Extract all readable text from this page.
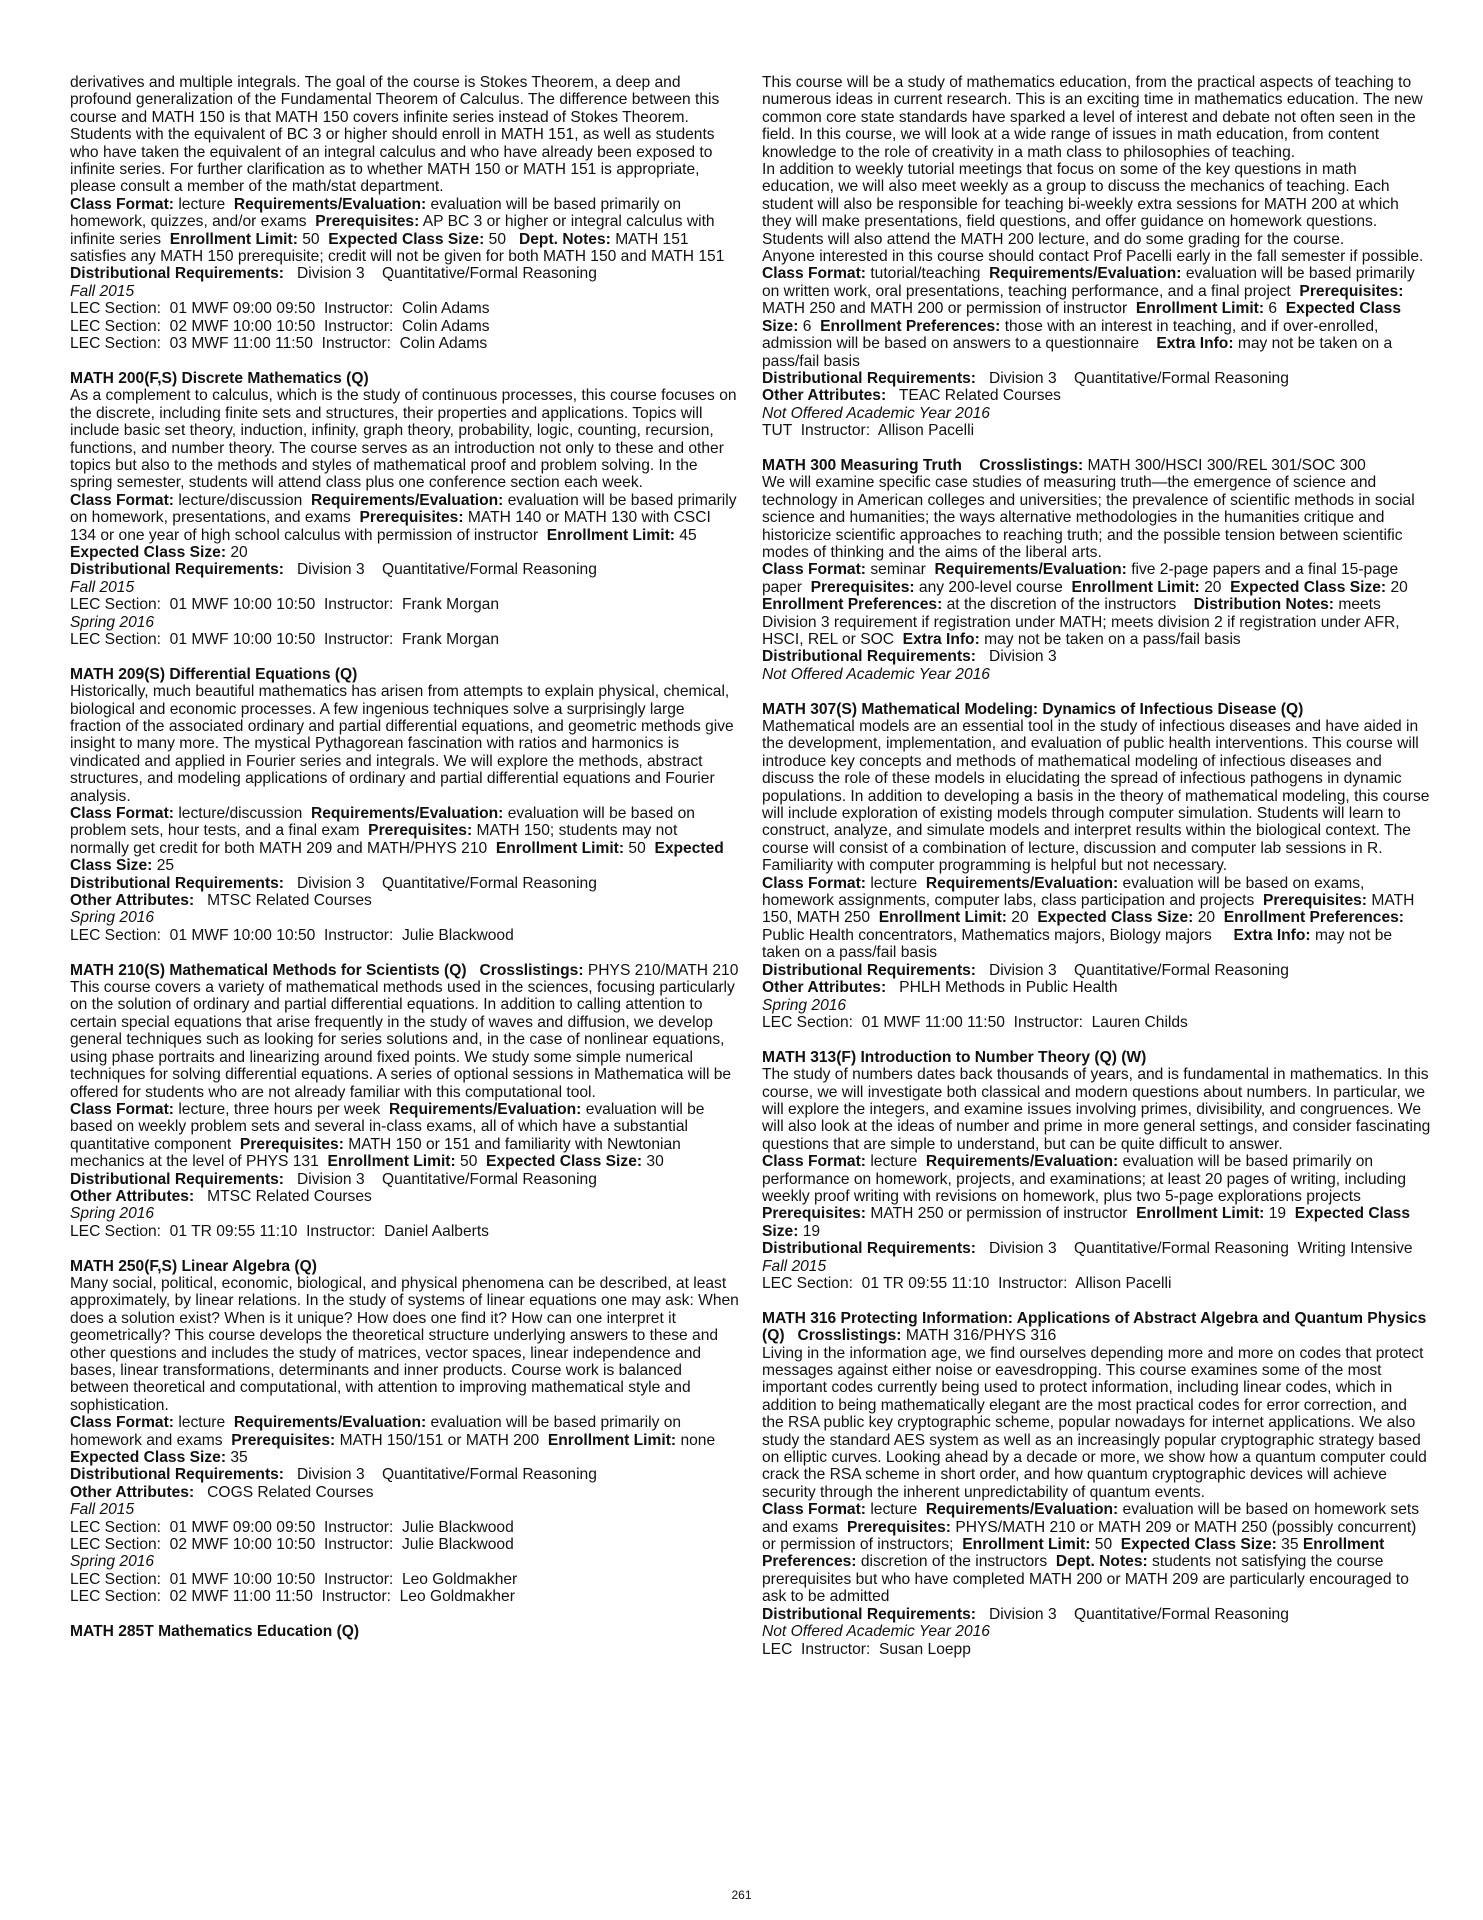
derivatives and multiple integrals. The goal of the course is Stokes Theorem, a deep and profound generalization of the Fundamental Theorem of Calculus. The difference between this course and MATH 150 is that MATH 150 covers infinite series instead of Stokes Theorem. Students with the equivalent of BC 3 or higher should enroll in MATH 151, as well as students who have taken the equivalent of an integral calculus and who have already been exposed to infinite series. For further clarification as to whether MATH 150 or MATH 151 is appropriate, please consult a member of the math/stat department.

Class Format: lecture Requirements/Evaluation: evaluation will be based primarily on homework, quizzes, and/or exams Prerequisites: AP BC 3 or higher or integral calculus with infinite series Enrollment Limit: 50 Expected Class Size: 50 Dept. Notes: MATH 151 satisfies any MATH 150 prerequisite; credit will not be given for both MATH 150 and MATH 151

Distributional Requirements: Division 3    Quantitative/Formal Reasoning

Fall 2015

LEC Section:  01 MWF 09:00 09:50  Instructor:  Colin Adams

LEC Section:  02 MWF 10:00 10:50  Instructor:  Colin Adams

LEC Section:  03 MWF 11:00 11:50  Instructor:  Colin Adams

MATH 200(F,S) Discrete Mathematics (Q)

As a complement to calculus, which is the study of continuous processes, this course focuses on the discrete, including finite sets and structures, their properties and applications. Topics will include basic set theory, induction, infinity, graph theory, probability, logic, counting, recursion, functions, and number theory. The course serves as an introduction not only to these and other topics but also to the methods and styles of mathematical proof and problem solving. In the spring semester, students will attend class plus one conference section each week.

Class Format: lecture/discussion Requirements/Evaluation: evaluation will be based primarily on homework, presentations, and exams Prerequisites: MATH 140 or MATH 130 with CSCI 134 or one year of high school calculus with permission of instructor Enrollment Limit: 45  Expected Class Size: 20

Distributional Requirements: Division 3    Quantitative/Formal Reasoning

Fall 2015

LEC Section:  01 MWF 10:00 10:50  Instructor:  Frank Morgan

Spring 2016

LEC Section:  01 MWF 10:00 10:50  Instructor:  Frank Morgan

MATH 209(S) Differential Equations (Q)

Historically, much beautiful mathematics has arisen from attempts to explain physical, chemical, biological and economic processes. A few ingenious techniques solve a surprisingly large fraction of the associated ordinary and partial differential equations, and geometric methods give insight to many more. The mystical Pythagorean fascination with ratios and harmonics is vindicated and applied in Fourier series and integrals. We will explore the methods, abstract structures, and modeling applications of ordinary and partial differential equations and Fourier analysis.

Class Format: lecture/discussion Requirements/Evaluation: evaluation will be based on problem sets, hour tests, and a final exam Prerequisites: MATH 150; students may not normally get credit for both MATH 209 and MATH/PHYS 210 Enrollment Limit: 50 Expected Class Size: 25

Distributional Requirements: Division 3    Quantitative/Formal Reasoning

Other Attributes: MTSC Related Courses

Spring 2016

LEC Section:  01 MWF 10:00 10:50  Instructor:  Julie Blackwood

MATH 210(S) Mathematical Methods for Scientists (Q) Crosslistings: PHYS 210/MATH 210

This course covers a variety of mathematical methods used in the sciences, focusing particularly on the solution of ordinary and partial differential equations. In addition to calling attention to certain special equations that arise frequently in the study of waves and diffusion, we develop general techniques such as looking for series solutions and, in the case of nonlinear equations, using phase portraits and linearizing around fixed points. We study some simple numerical techniques for solving differential equations. A series of optional sessions in Mathematica will be offered for students who are not already familiar with this computational tool.

Class Format: lecture, three hours per week Requirements/Evaluation: evaluation will be based on weekly problem sets and several in-class exams, all of which have a substantial quantitative component Prerequisites: MATH 150 or 151 and familiarity with Newtonian mechanics at the level of PHYS 131 Enrollment Limit: 50 Expected Class Size: 30

Distributional Requirements: Division 3    Quantitative/Formal Reasoning

Other Attributes: MTSC Related Courses

Spring 2016

LEC Section:  01 TR 09:55 11:10  Instructor:  Daniel Aalberts

MATH 250(F,S) Linear Algebra (Q)

Many social, political, economic, biological, and physical phenomena can be described, at least approximately, by linear relations. In the study of systems of linear equations one may ask: When does a solution exist? When is it unique? How does one find it? How can one interpret it geometrically? This course develops the theoretical structure underlying answers to these and other questions and includes the study of matrices, vector spaces, linear independence and bases, linear transformations, determinants and inner products. Course work is balanced between theoretical and computational, with attention to improving mathematical style and sophistication.

Class Format: lecture Requirements/Evaluation: evaluation will be based primarily on homework and exams Prerequisites: MATH 150/151 or MATH 200 Enrollment Limit: none Expected Class Size: 35

Distributional Requirements: Division 3    Quantitative/Formal Reasoning

Other Attributes: COGS Related Courses

Fall 2015

LEC Section:  01 MWF 09:00 09:50  Instructor:  Julie Blackwood

LEC Section:  02 MWF 10:00 10:50  Instructor:  Julie Blackwood

Spring 2016

LEC Section:  01 MWF 10:00 10:50  Instructor:  Leo Goldmakher

LEC Section:  02 MWF 11:00 11:50  Instructor:  Leo Goldmakher

MATH 285T Mathematics Education (Q)

This course will be a study of mathematics education, from the practical aspects of teaching to numerous ideas in current research. This is an exciting time in mathematics education. The new common core state standards have sparked a level of interest and debate not often seen in the field. In this course, we will look at a wide range of issues in math education, from content knowledge to the role of creativity in a math class to philosophies of teaching.

In addition to weekly tutorial meetings that focus on some of the key questions in math education, we will also meet weekly as a group to discuss the mechanics of teaching. Each student will also be responsible for teaching bi-weekly extra sessions for MATH 200 at which they will make presentations, field questions, and offer guidance on homework questions. Students will also attend the MATH 200 lecture, and do some grading for the course.

Anyone interested in this course should contact Prof Pacelli early in the fall semester if possible.

Class Format: tutorial/teaching Requirements/Evaluation: evaluation will be based primarily on written work, oral presentations, teaching performance, and a final project Prerequisites: MATH 250 and MATH 200 or permission of instructor Enrollment Limit: 6 Expected Class Size: 6 Enrollment Preferences: those with an interest in teaching, and if over-enrolled, admission will be based on answers to a questionnaire Extra Info: may not be taken on a pass/fail basis

Distributional Requirements: Division 3    Quantitative/Formal Reasoning

Other Attributes: TEAC Related Courses

Not Offered Academic Year 2016

TUT  Instructor:  Allison Pacelli

MATH 300 Measuring Truth Crosslistings: MATH 300/HSCI 300/REL 301/SOC 300

We will examine specific case studies of measuring truth—the emergence of science and technology in American colleges and universities; the prevalence of scientific methods in social science and humanities; the ways alternative methodologies in the humanities critique and historicize scientific approaches to reaching truth; and the possible tension between scientific modes of thinking and the aims of the liberal arts.

Class Format: seminar Requirements/Evaluation: five 2-page papers and a final 15-page paper Prerequisites: any 200-level course Enrollment Limit: 20 Expected Class Size: 20 Enrollment Preferences: at the discretion of the instructors Distribution Notes: meets Division 3 requirement if registration under MATH; meets division 2 if registration under AFR, HSCI, REL or SOC Extra Info: may not be taken on a pass/fail basis

Distributional Requirements: Division 3

Not Offered Academic Year 2016

MATH 307(S) Mathematical Modeling: Dynamics of Infectious Disease (Q)

Mathematical models are an essential tool in the study of infectious diseases and have aided in the development, implementation, and evaluation of public health interventions. This course will introduce key concepts and methods of mathematical modeling of infectious diseases and discuss the role of these models in elucidating the spread of infectious pathogens in dynamic populations. In addition to developing a basis in the theory of mathematical modeling, this course will include exploration of existing models through computer simulation. Students will learn to construct, analyze, and simulate models and interpret results within the biological context. The course will consist of a combination of lecture, discussion and computer lab sessions in R. Familiarity with computer programming is helpful but not necessary.

Class Format: lecture Requirements/Evaluation: evaluation will be based on exams, homework assignments, computer labs, class participation and projects Prerequisites: MATH 150, MATH 250 Enrollment Limit: 20 Expected Class Size: 20 Enrollment Preferences: Public Health concentrators, Mathematics majors, Biology majors Extra Info: may not be taken on a pass/fail basis

Distributional Requirements: Division 3    Quantitative/Formal Reasoning

Other Attributes: PHLH Methods in Public Health

Spring 2016

LEC Section:  01 MWF 11:00 11:50  Instructor:  Lauren Childs

MATH 313(F) Introduction to Number Theory (Q) (W)

The study of numbers dates back thousands of years, and is fundamental in mathematics. In this course, we will investigate both classical and modern questions about numbers. In particular, we will explore the integers, and examine issues involving primes, divisibility, and congruences. We will also look at the ideas of number and prime in more general settings, and consider fascinating questions that are simple to understand, but can be quite difficult to answer.

Class Format: lecture Requirements/Evaluation: evaluation will be based primarily on performance on homework, projects, and examinations; at least 20 pages of writing, including weekly proof writing with revisions on homework, plus two 5-page explorations projects Prerequisites: MATH 250 or permission of instructor Enrollment Limit: 19 Expected Class Size: 19

Distributional Requirements: Division 3    Quantitative/Formal Reasoning  Writing Intensive

Fall 2015

LEC Section:  01 TR 09:55 11:10  Instructor:  Allison Pacelli

MATH 316 Protecting Information: Applications of Abstract Algebra and Quantum Physics (Q) Crosslistings: MATH 316/PHYS 316

Living in the information age, we find ourselves depending more and more on codes that protect messages against either noise or eavesdropping. This course examines some of the most important codes currently being used to protect information, including linear codes, which in addition to being mathematically elegant are the most practical codes for error correction, and the RSA public key cryptographic scheme, popular nowadays for internet applications. We also study the standard AES system as well as an increasingly popular cryptographic strategy based on elliptic curves. Looking ahead by a decade or more, we show how a quantum computer could crack the RSA scheme in short order, and how quantum cryptographic devices will achieve security through the inherent unpredictability of quantum events.

Class Format: lecture Requirements/Evaluation: evaluation will be based on homework sets and exams Prerequisites: PHYS/MATH 210 or MATH 209 or MATH 250 (possibly concurrent) or permission of instructors; Enrollment Limit: 50 Expected Class Size: 35 Enrollment Preferences: discretion of the instructors Dept. Notes: students not satisfying the course prerequisites but who have completed MATH 200 or MATH 209 are particularly encouraged to ask to be admitted

Distributional Requirements: Division 3    Quantitative/Formal Reasoning

Not Offered Academic Year 2016

LEC  Instructor:  Susan Loepp

261
